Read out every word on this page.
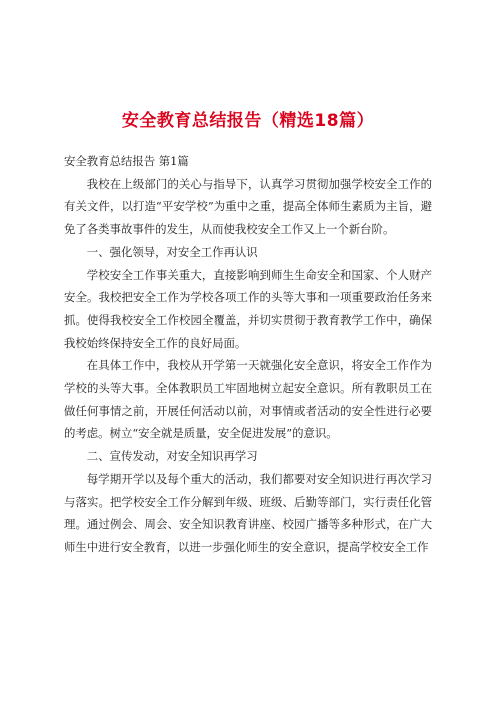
安全教育总结报告（精选18篇）

安全教育总结报告 第1篇

我校在上级部门的关心与指导下，认真学习贯彻加强学校安全工作的有关文件，以打造“平安学校”为重中之重，提高全体师生素质为主旨，避免了各类事故事件的发生，从而使我校安全工作又上一个新台阶。

一、强化领导，对安全工作再认识

学校安全工作事关重大，直接影响到师生生命安全和国家、个人财产安全。我校把安全工作为学校各项工作的头等大事和一项重要政治任务来抓。使得我校安全工作校园全覆盖，并切实贯彻于教育教学工作中，确保我校始终保持安全工作的良好局面。

在具体工作中，我校从开学第一天就强化安全意识，将安全工作作为学校的头等大事。全体教职员工牢固地树立起安全意识。所有教职员工在做任何事情之前，开展任何活动以前，对事情或者活动的安全性进行必要的考虑。树立“安全就是质量，安全促进发展”的意识。

二、宣传发动，对安全知识再学习

每学期开学以及每个重大的活动，我们都要对安全知识进行再次学习与落实。把学校安全工作分解到年级、班级、后勤等部门，实行责任化管理。通过例会、周会、安全知识教育讲座、校园广播等多种形式，在广大师生中进行安全教育，以进一步强化师生的安全意识，提高学校安全工作
